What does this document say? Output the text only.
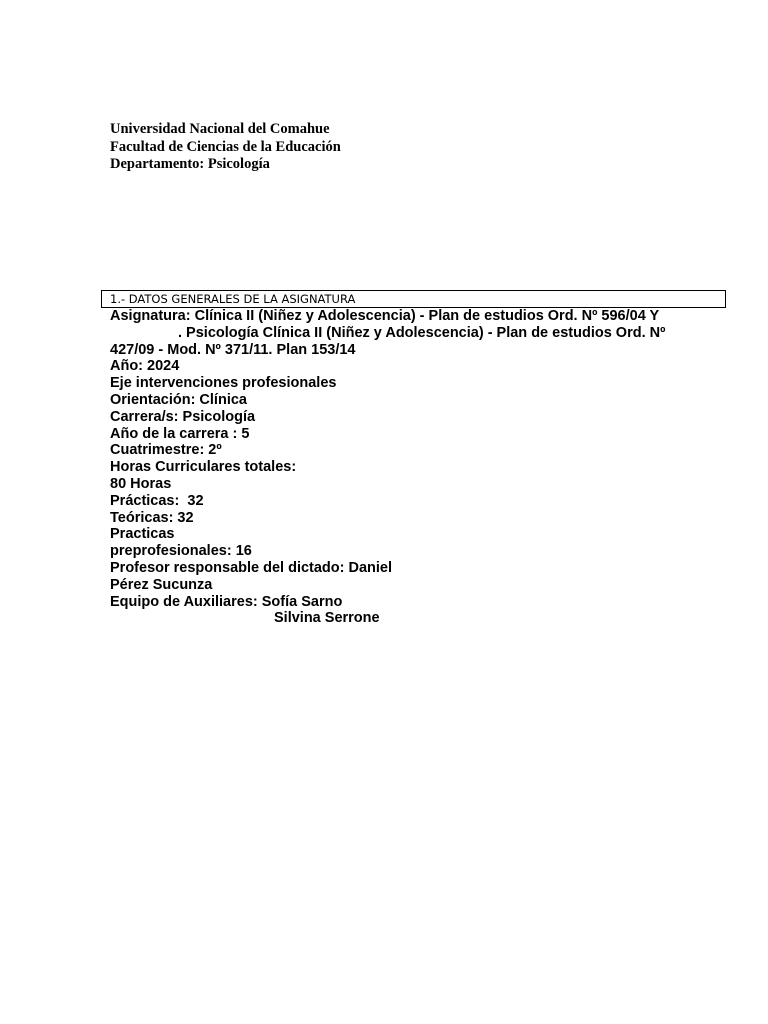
Universidad Nacional del Comahue
Facultad de Ciencias de la Educación
Departamento: Psicología
1.- DATOS GENERALES DE LA ASIGNATURA
Asignatura: Clínica II (Niñez y Adolescencia) - Plan de estudios Ord. Nº 596/04 Y
. Psicología Clínica II (Niñez y Adolescencia) - Plan de estudios Ord. Nº
427/09 - Mod. Nº 371/11. Plan 153/14
Año: 2024
Eje intervenciones profesionales
Orientación: Clínica
Carrera/s: Psicología
Año de la carrera : 5
Cuatrimestre: 2º
Horas Curriculares totales:
80 Horas
Prácticas:  32
Teóricas: 32
Practicas
preprofesionales: 16
Profesor responsable del dictado: Daniel
Pérez Sucunza
Equipo de Auxiliares: Sofía Sarno
Silvina Serrone
